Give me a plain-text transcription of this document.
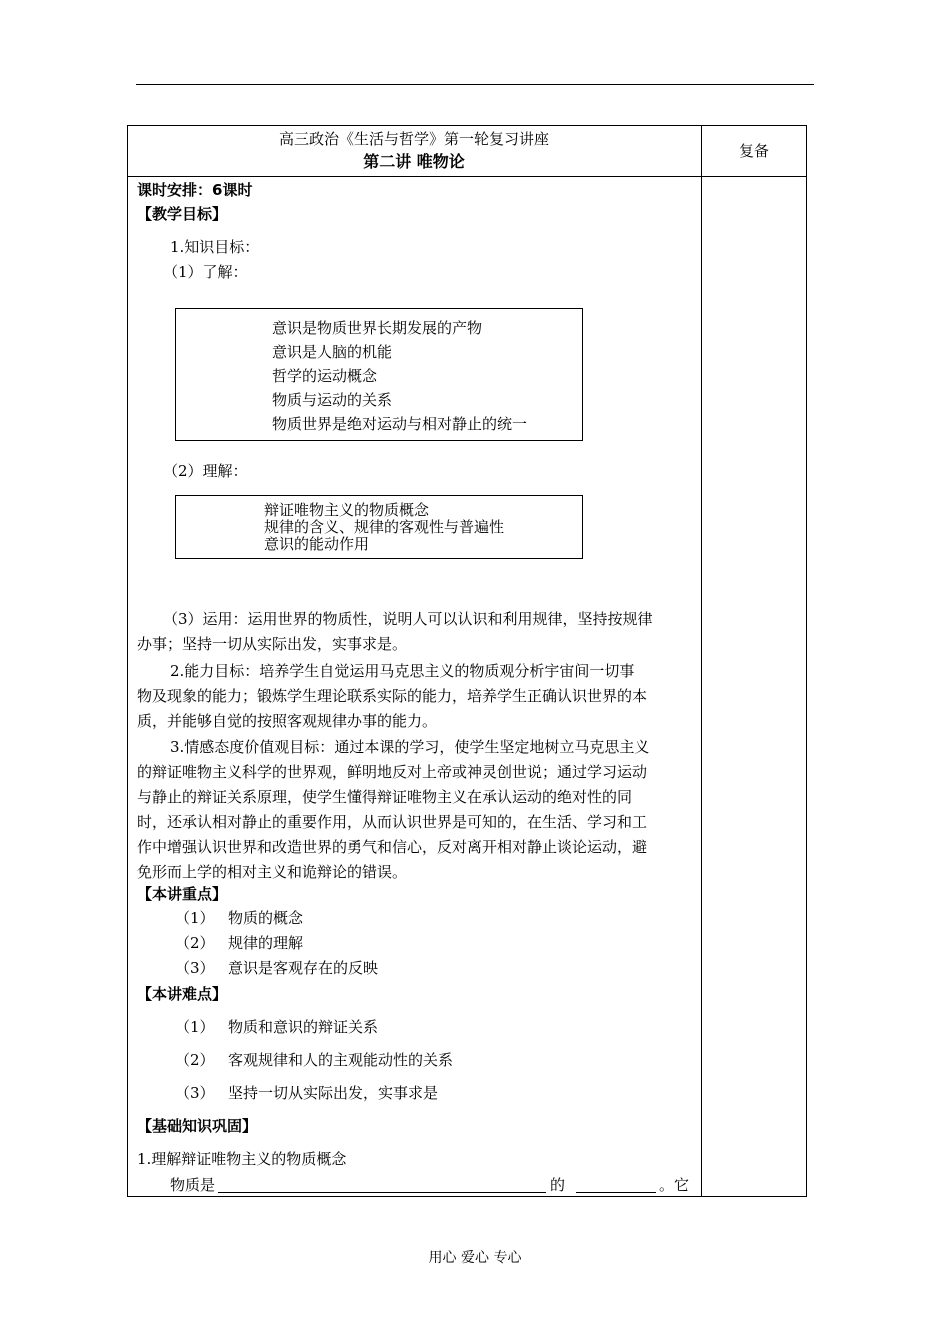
高三政治《生活与哲学》第一轮复习讲座
第二讲 唯物论
复备
课时安排：6课时
【教学目标】
1.知识目标：
（1）了解：
意识是物质世界长期发展的产物
意识是人脑的机能
哲学的运动概念
物质与运动的关系
物质世界是绝对运动与相对静止的统一
（2）理解：
辩证唯物主义的物质概念
规律的含义、规律的客观性与普遍性
意识的能动作用
（3）运用：运用世界的物质性，说明人可以认识和利用规律，坚持按规律
办事；坚持一切从实际出发，实事求是。
2.能力目标：培养学生自觉运用马克思主义的物质观分析宇宙间一切事
物及现象的能力；锻炼学生理论联系实际的能力，培养学生正确认识世界的本
质，并能够自觉的按照客观规律办事的能力。
3.情感态度价值观目标：通过本课的学习，使学生坚定地树立马克思主义
的辩证唯物主义科学的世界观，鲜明地反对上帝或神灵创世说；通过学习运动
与静止的辩证关系原理，使学生懂得辩证唯物主义在承认运动的绝对性的同
时，还承认相对静止的重要作用，从而认识世界是可知的，在生活、学习和工
作中增强认识世界和改造世界的勇气和信心，反对离开相对静止谈论运动，避
免形而上学的相对主义和诡辩论的错误。
【本讲重点】
（1） 物质的概念
（2） 规律的理解
（3） 意识是客观存在的反映
【本讲难点】
（1） 物质和意识的辩证关系
（2） 客观规律和人的主观能动性的关系
（3） 坚持一切从实际出发，实事求是
【基础知识巩固】
1.理解辩证唯物主义的物质概念
物质是	的	。它
用心 爱心 专心
